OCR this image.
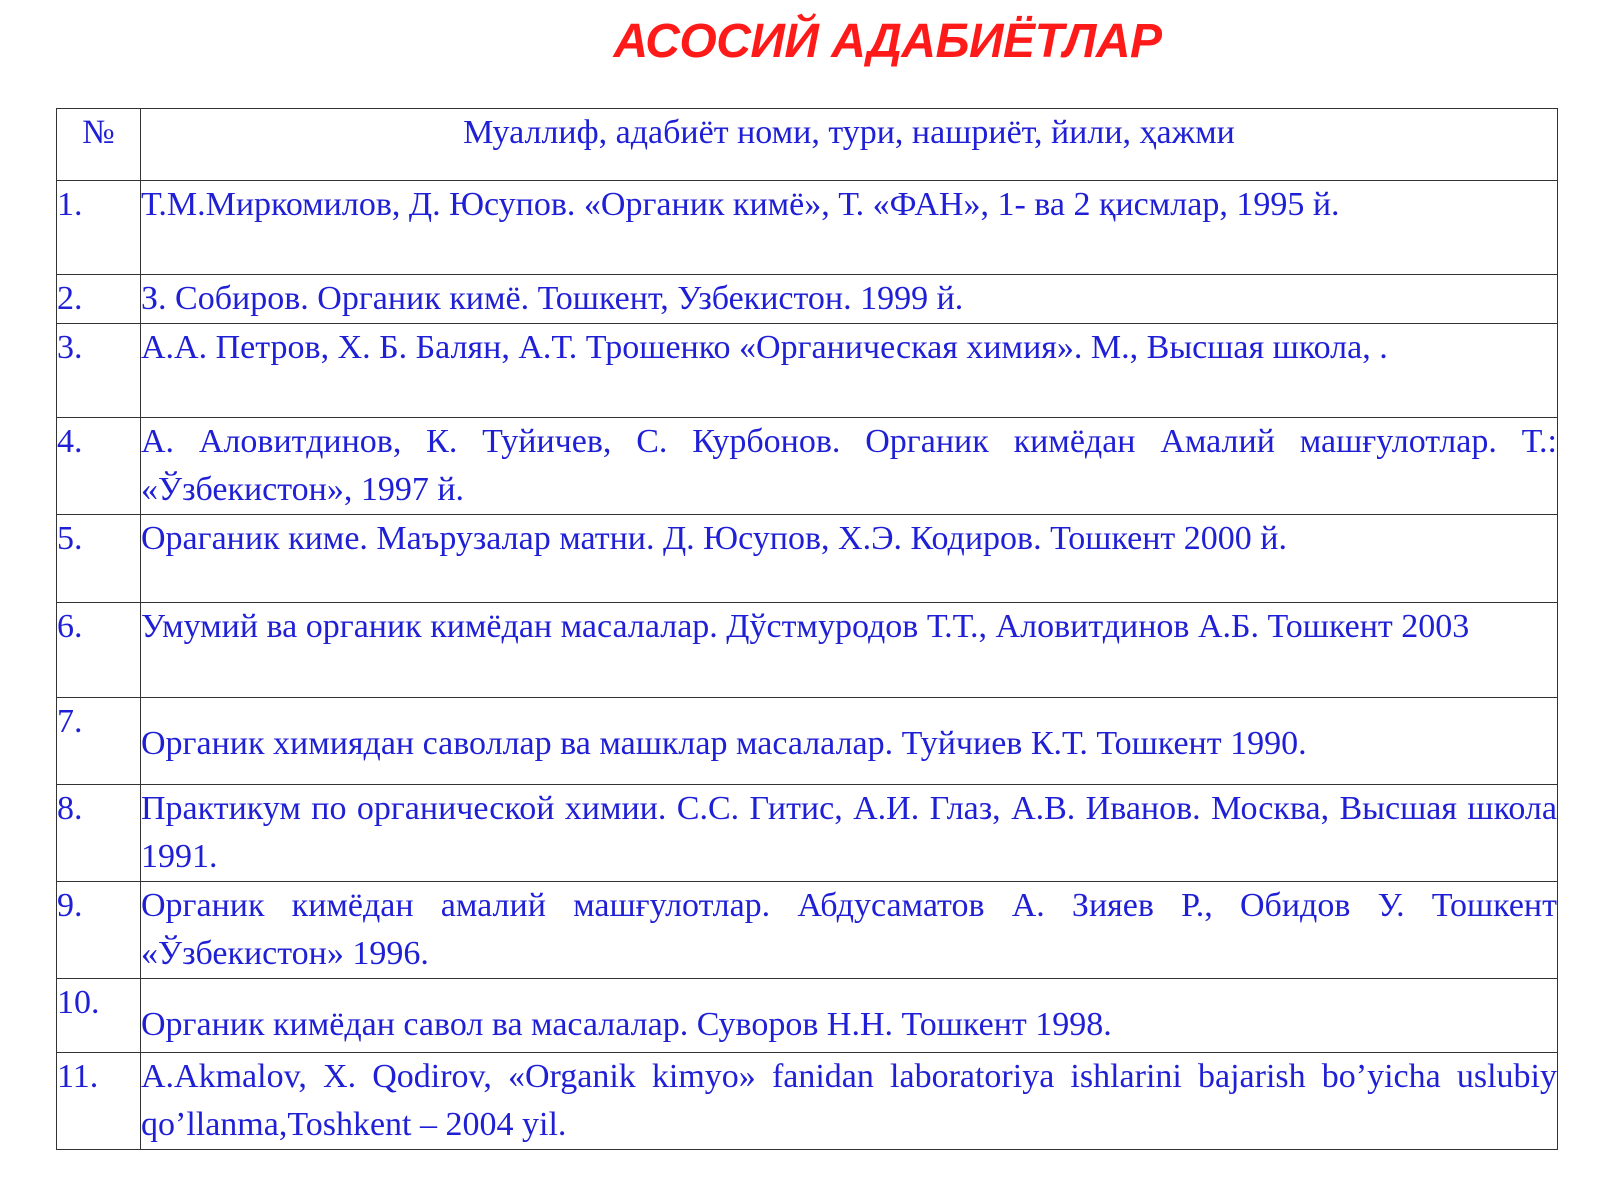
АСОСИЙ АДАБИЁТЛАР
№	Муаллиф, адабиёт номи, тури, нашриёт, йили, ҳажми
1.	Т.М.Миркомилов, Д. Юсупов. «Органик кимё», Т. «ФАН», 1- ва 2 қисмлар, 1995 й.
2.	З. Собиров. Органик кимё. Тошкент, Узбекистон. 1999 й.
3.	А.А. Петров, Х. Б. Балян, А.Т. Трошенко «Органическая химия». М., Высшая школа, .
4.	А. Аловитдинов, К. Туйичев, С. Курбонов. Органик кимёдан Амалий машғулотлар. Т.: «Ўзбекистон», 1997 й.
5.	Ораганик киме. Маърузалар матни. Д. Юсупов, Х.Э. Кодиров. Тошкент 2000 й.
6.	Умумий ва органик кимёдан масалалар. Дўстмуродов Т.Т., Аловитдинов А.Б. Тошкент 2003
7.	Органик химиядан саволлар ва машклар масалалар. Туйчиев К.Т. Тошкент 1990.
8.	Практикум по органической химии. С.С. Гитис, А.И. Глаз, А.В. Иванов. Москва, Высшая школа 1991.
9.	Органик кимёдан амалий машғулотлар. Абдусаматов А. Зияев Р., Обидов У. Тошкент «Ўзбекистон» 1996.
10.	Органик кимёдан савол ва масалалар. Суворов Н.Н. Тошкент 1998.
11.	A.Akmalov, X. Qodirov, «Organik kimyo» fanidan laboratoriya ishlarini bajarish bo’yicha uslubiy qo’llanma,Toshkent – 2004 yil.
